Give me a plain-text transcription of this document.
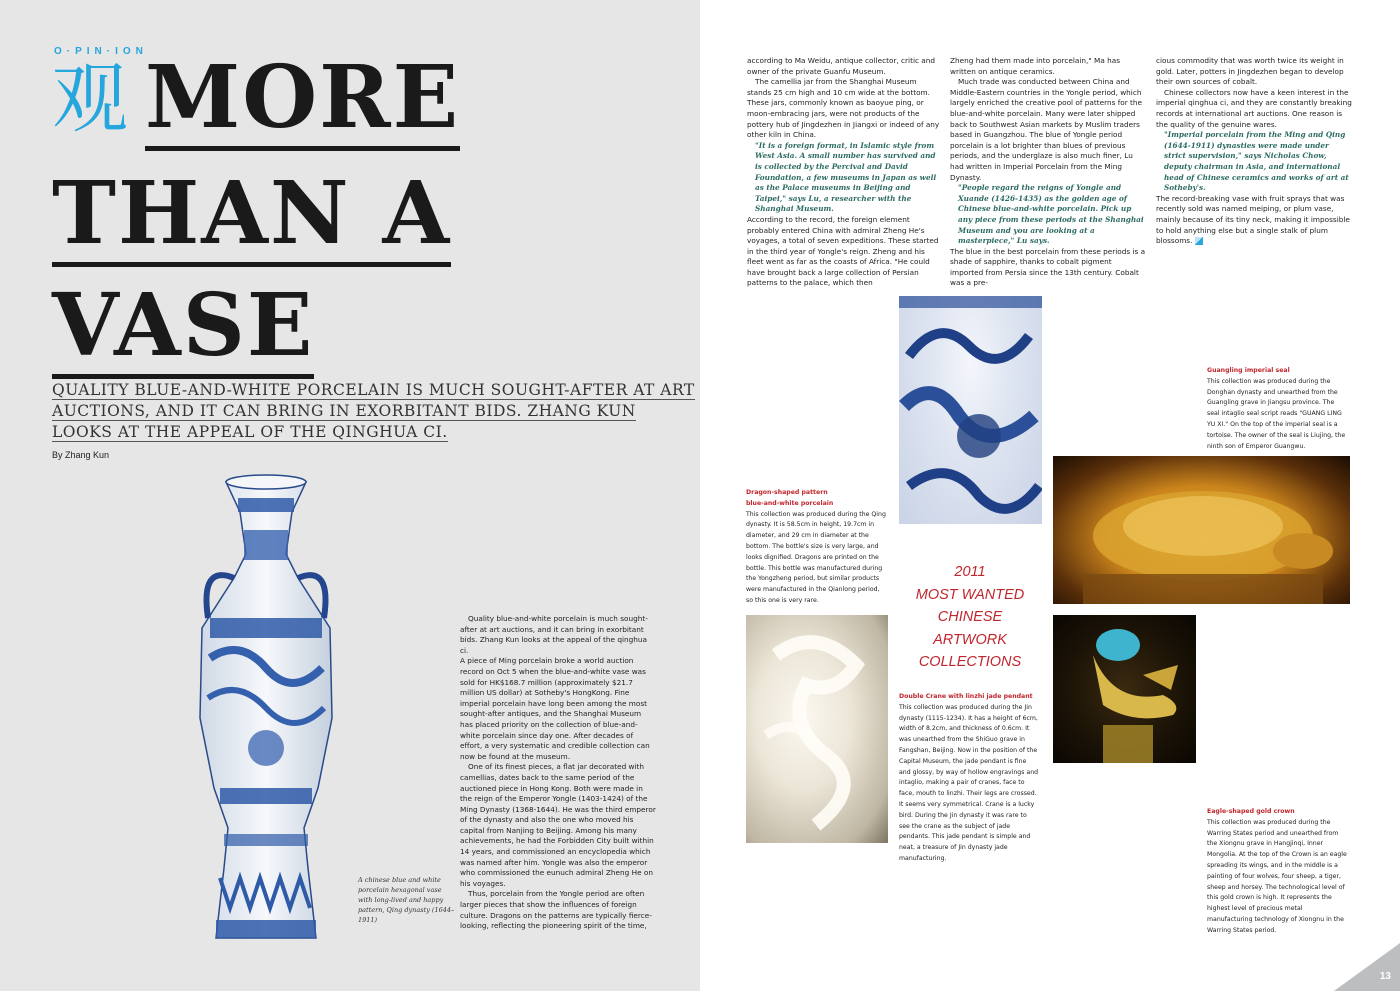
O·PIN·ION
观 MORE
THAN A
VASE
QUALITY BLUE-AND-WHITE PORCELAIN IS MUCH SOUGHT-AFTER AT ART AUCTIONS, AND IT CAN BRING IN EXORBITANT BIDS. ZHANG KUN LOOKS AT THE APPEAL OF THE QINGHUA CI.
By Zhang Kun
A chinese blue and white porcelain hexagonal vase with long-lived and happy pattern, Qing dynasty (1644–1911)

Quality blue-and-white porcelain is much sought-after at art auctions, and it can bring in exorbitant bids. Zhang Kun looks at the appeal of the qinghua ci.

A piece of Ming porcelain broke a world auction record on Oct 5 when the blue-and-white vase was sold for HK$168.7 million (approximately $21.7 million US dollar) at Sotheby's HongKong. Fine imperial porcelain have long been among the most sought-after antiques, and the Shanghai Museum has placed priority on the collection of blue-and-white porcelain since day one. After decades of effort, a very systematic and credible collection can now be found at the museum.

One of its finest pieces, a flat jar decorated with camellias, dates back to the same period of the auctioned piece in Hong Kong. Both were made in the reign of the Emperor Yongle (1403-1424) of the Ming Dynasty (1368-1644). He was the third emperor of the dynasty and also the one who moved his capital from Nanjing to Beijing. Among his many achievements, he had the Forbidden City built within 14 years, and commissioned an encyclopedia which was named after him. Yongle was also the emperor who commissioned the eunuch admiral Zheng He on his voyages.

Thus, porcelain from the Yongle period are often larger pieces that show the influences of foreign culture. Dragons on the patterns are typically fierce-looking, reflecting the pioneering spirit of the time,

according to Ma Weidu, antique collector, critic and owner of the private Guanfu Museum.

The camellia jar from the Shanghai Museum stands 25 cm high and 10 cm wide at the bottom. These jars, commonly known as baoyue ping, or moon-embracing jars, were not products of the pottery hub of Jingdezhen in Jiangxi or indeed of any other kiln in China.

"It is a foreign format, in Islamic style from West Asia. A small number has survived and is collected by the Percival and David Foundation, a few museums in Japan as well as the Palace museums in Beijing and Taipei," says Lu, a researcher with the Shanghai Museum.

According to the record, the foreign element probably entered China with admiral Zheng He's voyages, a total of seven expeditions. These started in the third year of Yongle's reign. Zheng and his fleet went as far as the coasts of Africa. "He could have brought back a large collection of Persian patterns to the palace, which then

Zheng had them made into porcelain," Ma has written on antique ceramics.

Much trade was conducted between China and Middle-Eastern countries in the Yongle period, which largely enriched the creative pool of patterns for the blue-and-white porcelain. Many were later shipped back to Southwest Asian markets by Muslim traders based in Guangzhou. The blue of Yongle period porcelain is a lot brighter than blues of previous periods, and the underglaze is also much finer, Lu had written in Imperial Porcelain from the Ming Dynasty.

"People regard the reigns of Yongle and Xuande (1426-1435) as the golden age of Chinese blue-and-white porcelain. Pick up any piece from these periods at the Shanghai Museum and you are looking at a masterpiece," Lu says.

The blue in the best porcelain from these periods is a shade of sapphire, thanks to cobalt pigment imported from Persia since the 13th century. Cobalt was a pre-

cious commodity that was worth twice its weight in gold. Later, potters in Jingdezhen began to develop their own sources of cobalt.

Chinese collectors now have a keen interest in the imperial qinghua ci, and they are constantly breaking records at international art auctions. One reason is the quality of the genuine wares.

"Imperial porcelain from the Ming and Qing (1644-1911) dynasties were made under strict supervision," says Nicholas Chow, deputy chairman in Asia, and international head of Chinese ceramics and works of art at Sotheby's.

The record-breaking vase with fruit sprays that was recently sold was named meiping, or plum vase, mainly because of its tiny neck, making it impossible to hold anything else but a single stalk of plum blossoms.

Dragon-shaped pattern
blue-and-white porcelain
This collection was produced during the Qing dynasty. It is 58.5cm in height, 19.7cm in diameter, and 29 cm in diameter at the bottom. The bottle's size is very large, and looks dignified. Dragons are printed on the bottle. This bottle was manufactured during the Yongzheng period, but similar products were manufactured in the Qianlong period, so this one is very rare.
Guangling imperial seal
This collection was produced during the Donghan dynasty and unearthed from the Guangling grave in Jiangsu province. The seal intaglio seal script reads "GUANG LING YU XI." On the top of the imperial seal is a tortoise. The owner of the seal is Liujing, the ninth son of Emperor Guangwu.
Double Crane with linzhi jade pendant
This collection was produced during the Jin dynasty (1115-1234). It has a height of 6cm, width of 8.2cm, and thickness of 0.6cm. It was unearthed from the ShiGuo grave in Fangshan, Beijing. Now in the position of the Capital Museum, the jade pendant is fine and glossy, by way of hollow engravings and intaglio, making a pair of cranes, face to face, mouth to linzhi. Their legs are crossed. It seems very symmetrical. Crane is a lucky bird. During the Jin dynasty it was rare to see the crane as the subject of jade pendants. This jade pendant is simple and neat, a treasure of Jin dynasty jade manufacturing.
Eagle-shaped gold crown
This collection was produced during the Warring States period and unearthed from the Xiongnu grave in Hangjinqi, Inner Mongolia. At the top of the Crown is an eagle spreading its wings, and in the middle is a painting of four wolves, four sheep, a tiger, sheep and horsey. The technological level of this gold crown is high. It represents the highest level of precious metal manufacturing technology of Xiongnu in the Warring States period.
2011
MOST WANTED
CHINESE ARTWORK
COLLECTIONS
13
